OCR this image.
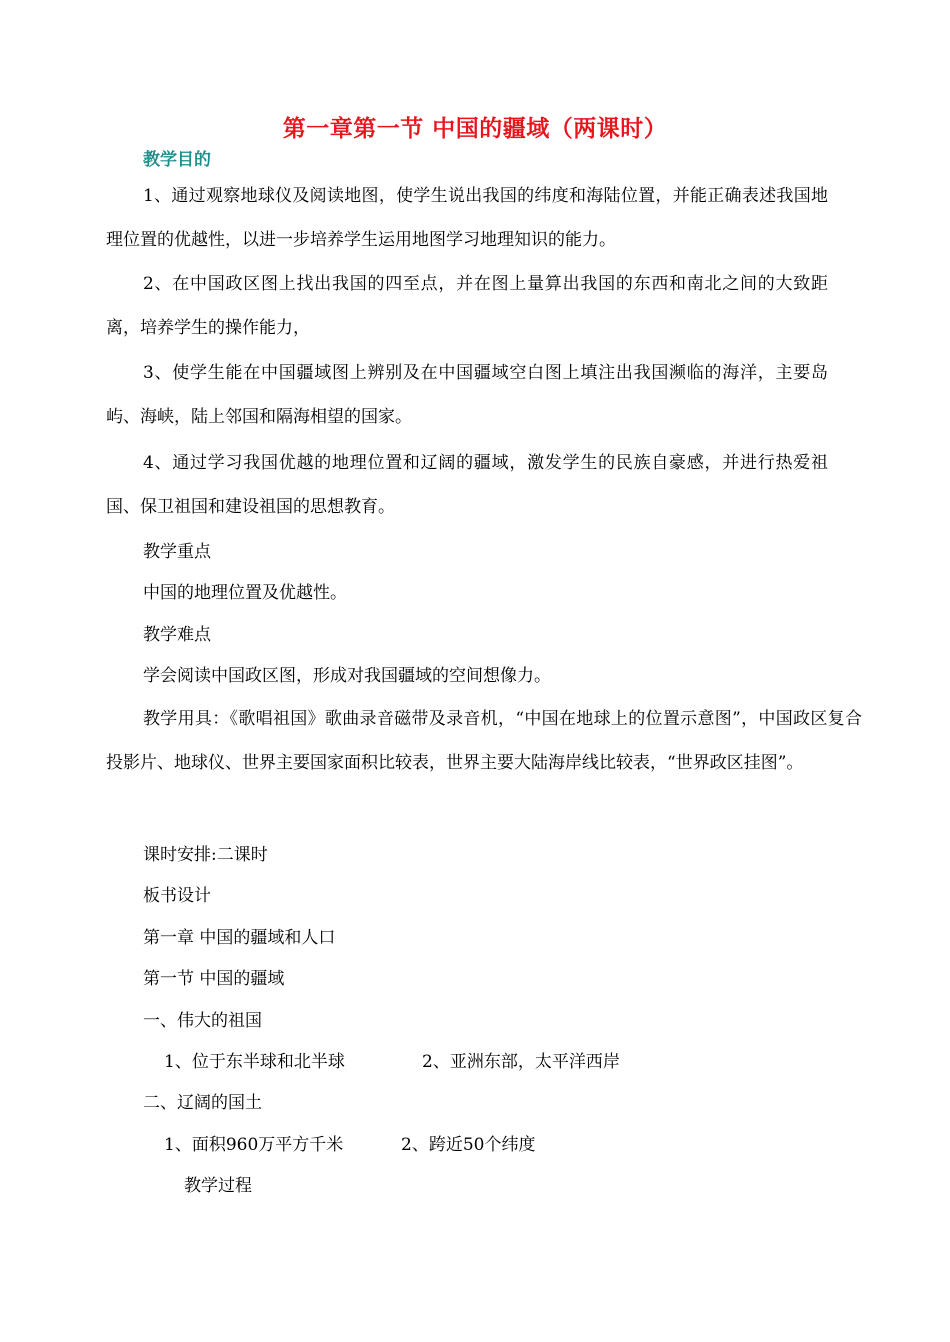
第一章第一节 中国的疆域（两课时）
教学目的
1、通过观察地球仪及阅读地图，使学生说出我国的纬度和海陆位置，并能正确表述我国地理位置的优越性，以进一步培养学生运用地图学习地理知识的能力。
2、在中国政区图上找出我国的四至点，并在图上量算出我国的东西和南北之间的大致距离，培养学生的操作能力，
3、使学生能在中国疆域图上辨别及在中国疆域空白图上填注出我国濒临的海洋，主要岛屿、海峡，陆上邻国和隔海相望的国家。
4、通过学习我国优越的地理位置和辽阔的疆域，激发学生的民族自豪感，并进行热爱祖国、保卫祖国和建设祖国的思想教育。
教学重点
中国的地理位置及优越性。
教学难点
学会阅读中国政区图，形成对我国疆域的空间想像力。
教学用具：《歌唱祖国》歌曲录音磁带及录音机，“中国在地球上的位置示意图”，中国政区复合投影片、地球仪、世界主要国家面积比较表，世界主要大陆海岸线比较表，“世界政区挂图”。
课时安排:二课时
板书设计
第一章 中国的疆域和人口
第一节 中国的疆域
一、伟大的祖国
1、位于东半球和北半球	2、亚洲东部，太平洋西岸
二、辽阔的国土
1、面积960万平方千米	2、跨近50个纬度
教学过程
